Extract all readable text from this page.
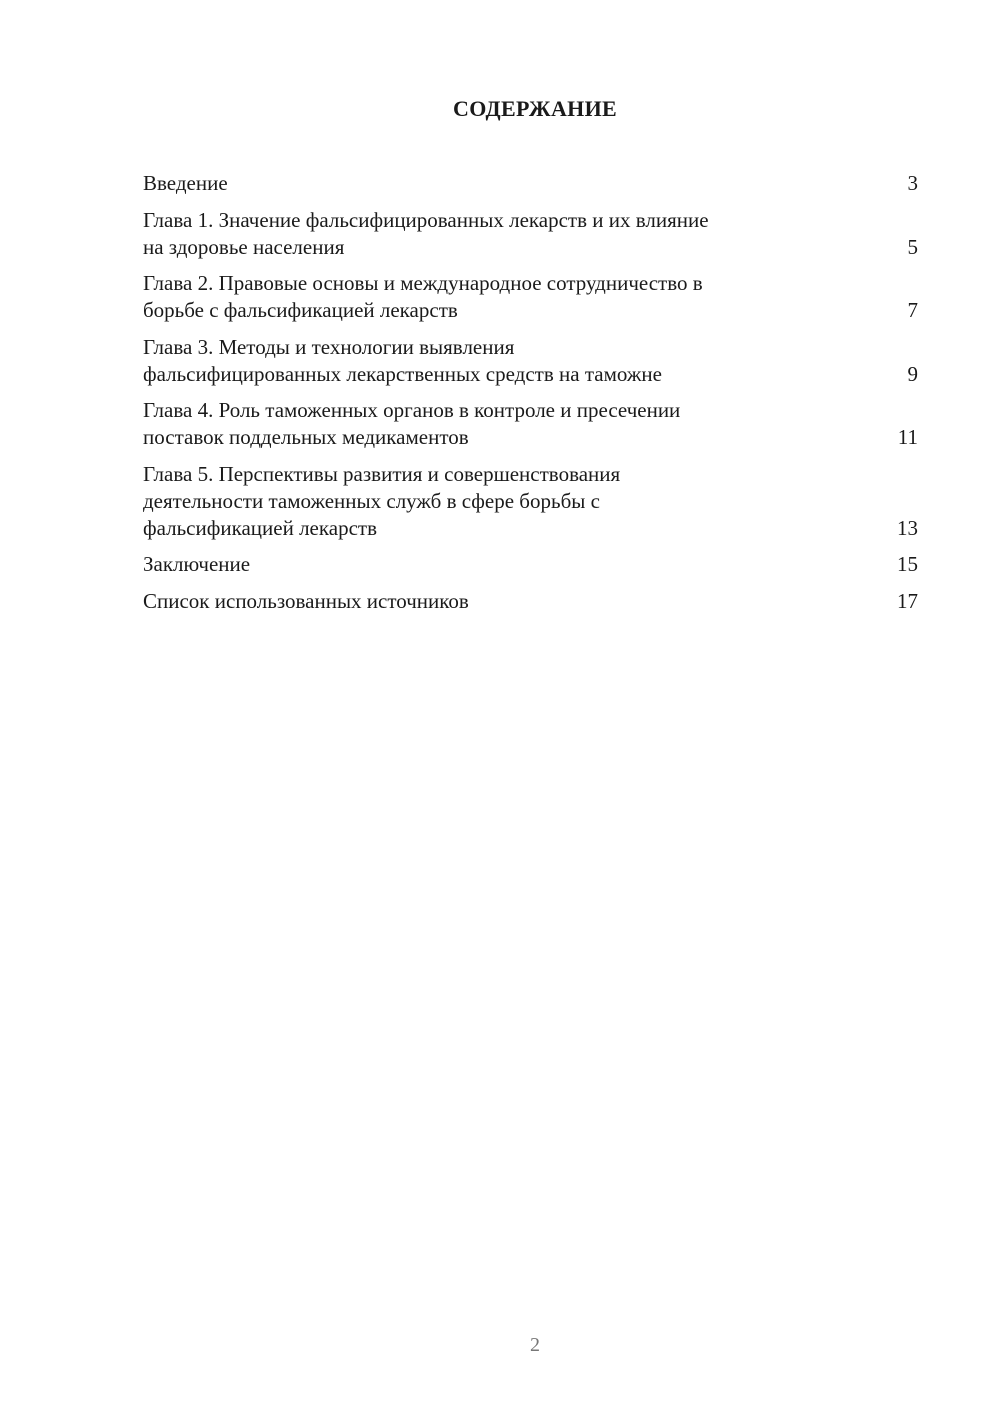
СОДЕРЖАНИЕ
Введение	3
Глава 1. Значение фальсифицированных лекарств и их влияние
на здоровье населения	5
Глава 2. Правовые основы и международное сотрудничество в
борьбе с фальсификацией лекарств	7
Глава 3. Методы и технологии выявления
фальсифицированных лекарственных средств на таможне	9
Глава 4. Роль таможенных органов в контроле и пресечении
поставок поддельных медикаментов	11
Глава 5. Перспективы развития и совершенствования
деятельности таможенных служб в сфере борьбы с
фальсификацией лекарств	13
Заключение	15
Список использованных источников	17
2
